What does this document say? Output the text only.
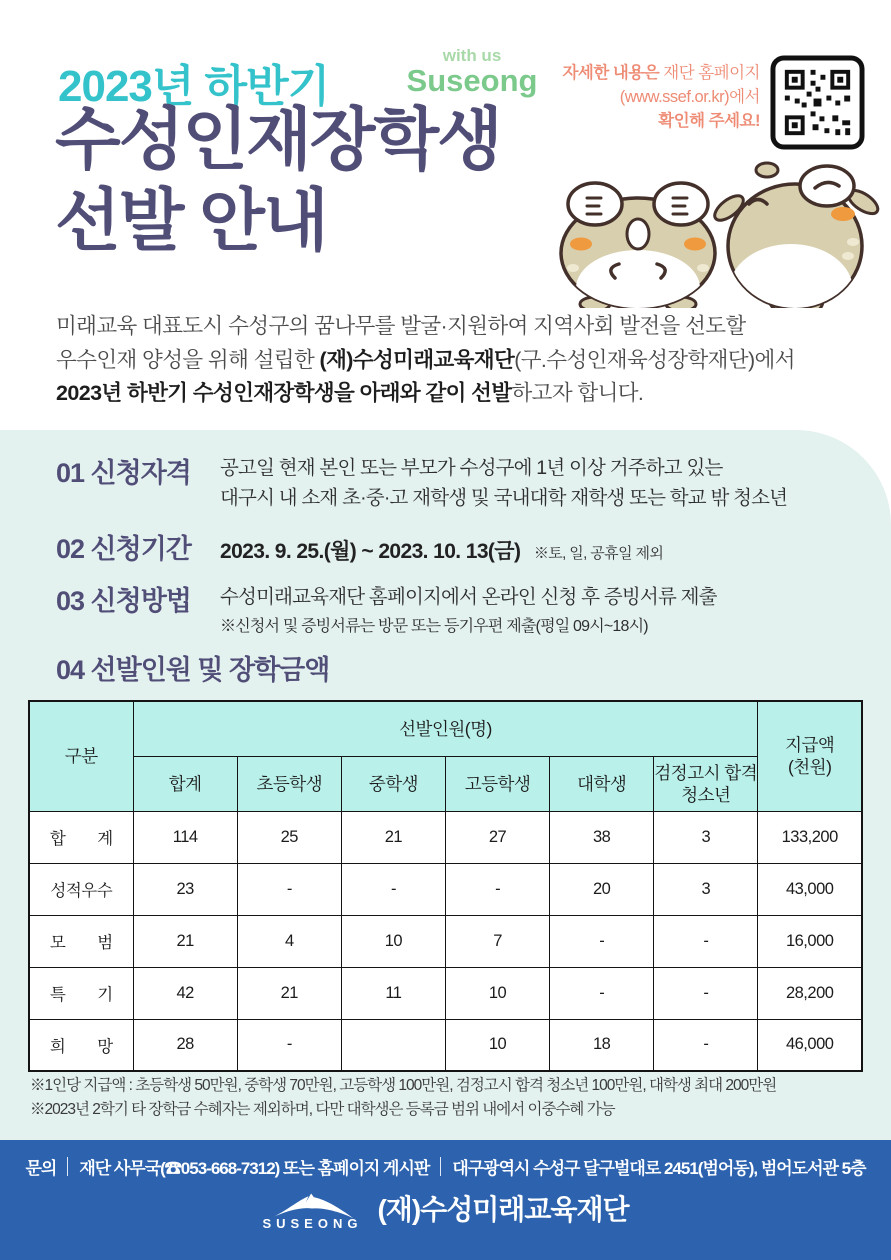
2023년 하반기
with us
Suseong
수성인재장학생
선발 안내
자세한 내용은 재단 홈페이지
(www.ssef.or.kr)에서
확인해 주세요!
미래교육 대표도시 수성구의 꿈나무를 발굴·지원하여 지역사회 발전을 선도할
우수인재 양성을 위해 설립한 (재)수성미래교육재단(구.수성인재육성장학재단)에서
2023년 하반기 수성인재장학생을 아래와 같이 선발하고자 합니다.
01 신청자격	공고일 현재 본인 또는 부모가 수성구에 1년 이상 거주하고 있는
대구시 내 소재 초·중·고 재학생 및 국내대학 재학생 또는 학교 밖 청소년
02 신청기간	2023. 9. 25.(월) ~ 2023. 10. 13(금) ※토, 일, 공휴일 제외
03 신청방법	수성미래교육재단 홈페이지에서 온라인 신청 후 증빙서류 제출
※신청서 및 증빙서류는 방문 또는 등기우편 제출(평일 09시~18시)
04 선발인원 및 장학금액
구분	선발인원(명)						지급액
(천원)

	합계	초등학생	중학생	고등학생	대학생	검정고시 합격 청소년	
합　　계	114	25	21	27	38	3	133,200
성적우수	23	-	-	-	20	3	43,000
모　　범	21	4	10	7	-	-	16,000
특　　기	42	21	11	10	-	-	28,200
희　　망	28	-		10	18	-	46,000
※1인당 지급액 : 초등학생 50만원, 중학생 70만원, 고등학생 100만원, 검정고시 합격 청소년 100만원, 대학생 최대 200만원
※2023년 2학기 타 장학금 수혜자는 제외하며, 다만 대학생은 등록금 범위 내에서 이중수혜 가능
문의 재단 사무국(☎053-668-7312) 또는 홈페이지 게시판 대구광역시 수성구 달구벌대로 2451(범어동), 범어도서관 5층
SUSEONG (재)수성미래교육재단
